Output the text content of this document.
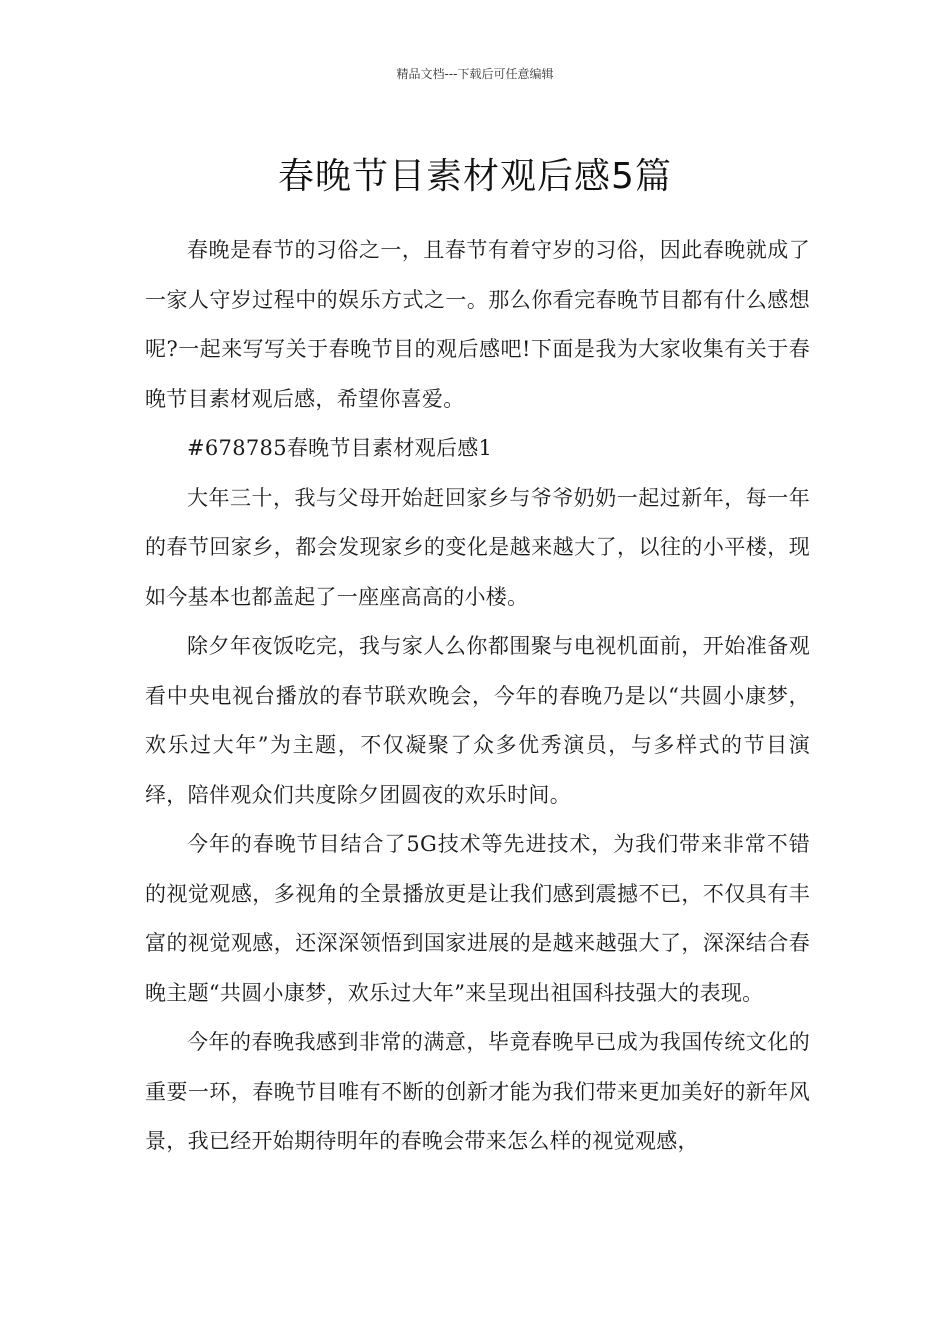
精品文档---下载后可任意编辑
春晚节目素材观后感5篇

春晚是春节的习俗之一，且春节有着守岁的习俗，因此春晚就成了一家人守岁过程中的娱乐方式之一。那么你看完春晚节目都有什么感想呢?一起来写写关于春晚节目的观后感吧!下面是我为大家收集有关于春晚节目素材观后感，希望你喜爱。

#678785春晚节目素材观后感1

大年三十，我与父母开始赶回家乡与爷爷奶奶一起过新年，每一年的春节回家乡，都会发现家乡的变化是越来越大了，以往的小平楼，现如今基本也都盖起了一座座高高的小楼。

除夕年夜饭吃完，我与家人么你都围聚与电视机面前，开始准备观看中央电视台播放的春节联欢晚会，今年的春晚乃是以“共圆小康梦，欢乐过大年”为主题，不仅凝聚了众多优秀演员，与多样式的节目演绎，陪伴观众们共度除夕团圆夜的欢乐时间。

今年的春晚节目结合了5G技术等先进技术，为我们带来非常不错的视觉观感，多视角的全景播放更是让我们感到震撼不已，不仅具有丰富的视觉观感，还深深领悟到国家进展的是越来越强大了，深深结合春晚主题“共圆小康梦，欢乐过大年”来呈现出祖国科技强大的表现。

今年的春晚我感到非常的满意，毕竟春晚早已成为我国传统文化的重要一环，春晚节目唯有不断的创新才能为我们带来更加美好的新年风景，我已经开始期待明年的春晚会带来怎么样的视觉观感，
